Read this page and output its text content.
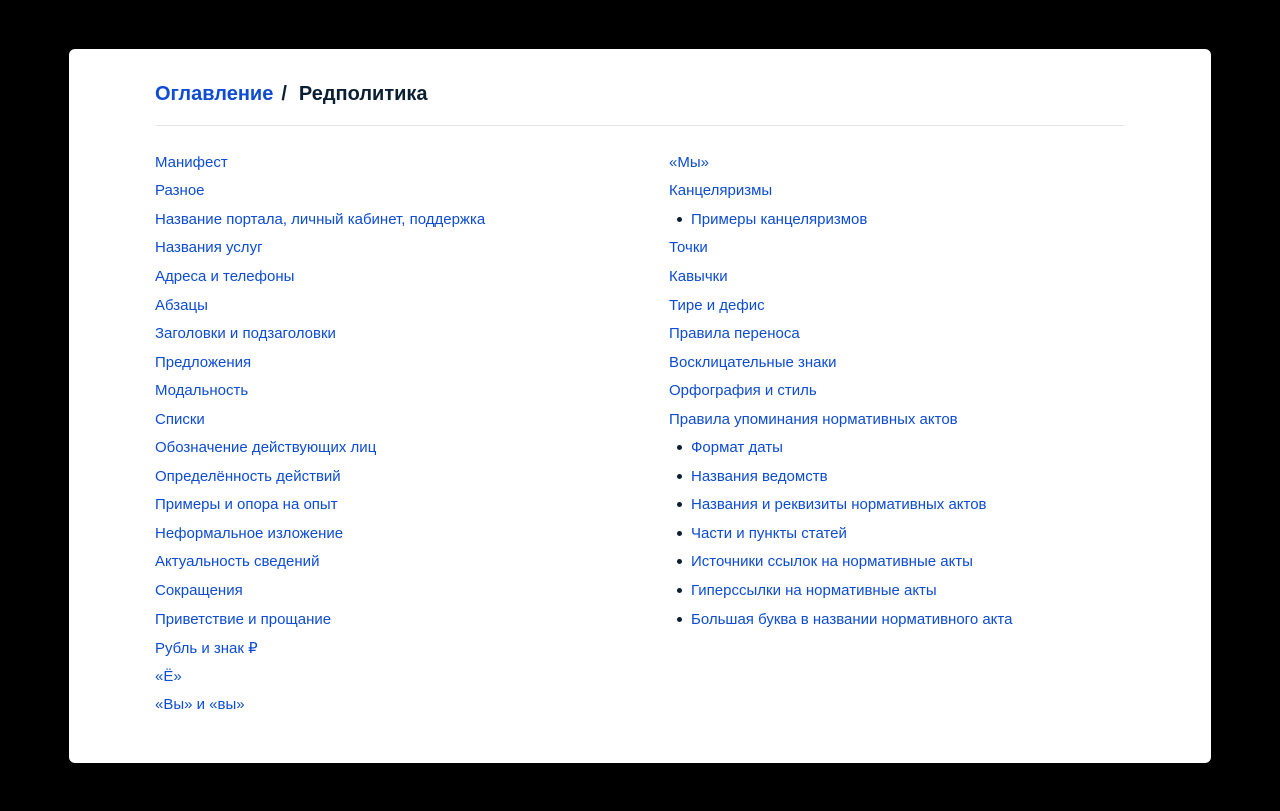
Оглавление / Редполитика
Манифест
Разное
Название портала, личный кабинет, поддержка
Названия услуг
Адреса и телефоны
Абзацы
Заголовки и подзаголовки
Предложения
Модальность
Списки
Обозначение действующих лиц
Определённость действий
Примеры и опора на опыт
Неформальное изложение
Актуальность сведений
Сокращения
Приветствие и прощание
Рубль и знак ₽
«Ё»
«Вы» и «вы»
«Мы»
Канцеляризмы
Примеры канцеляризмов
Точки
Кавычки
Тире и дефис
Правила переноса
Восклицательные знаки
Орфография и стиль
Правила упоминания нормативных актов
Формат даты
Названия ведомств
Названия и реквизиты нормативных актов
Части и пункты статей
Источники ссылок на нормативные акты
Гиперссылки на нормативные акты
Большая буква в названии нормативного акта
